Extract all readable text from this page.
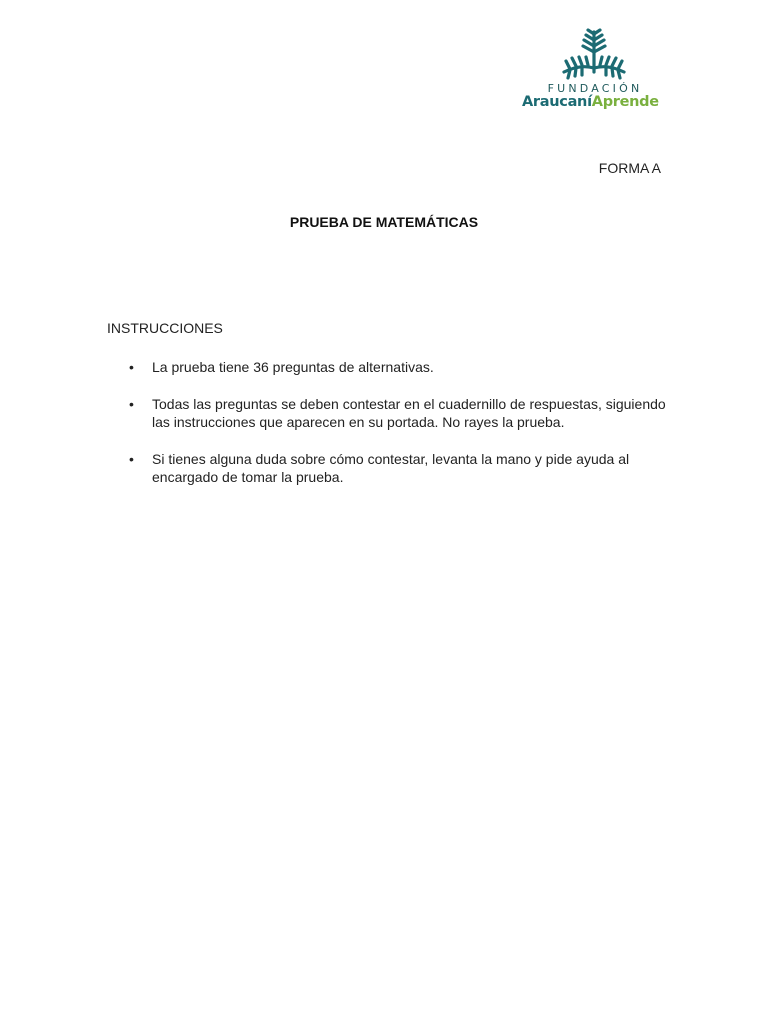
FUNDACIÓN
AraucaníAprende
FORMA A
PRUEBA DE MATEMÁTICAS
INSTRUCCIONES
• La prueba tiene 36 preguntas de alternativas.
• Todas las preguntas se deben contestar en el cuadernillo de respuestas, siguiendo las instrucciones que aparecen en su portada. No rayes la prueba.
• Si tienes alguna duda sobre cómo contestar, levanta la mano y pide ayuda al encargado de tomar la prueba.
